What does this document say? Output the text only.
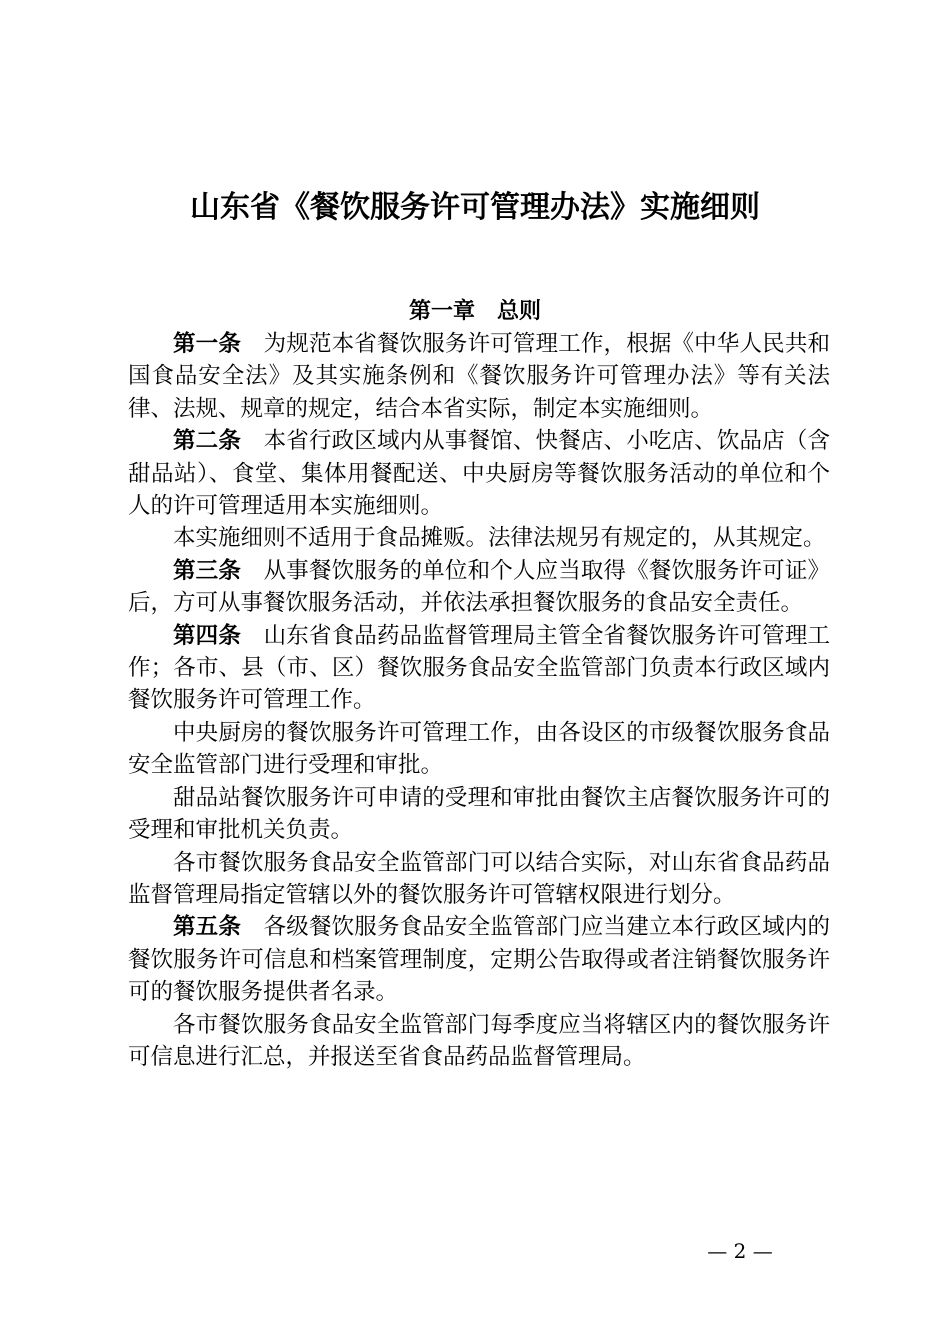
山东省《餐饮服务许可管理办法》实施细则
第一章　总则

第一条 为规范本省餐饮服务许可管理工作，根据《中华人民共和国食品安全法》及其实施条例和《餐饮服务许可管理办法》等有关法律、法规、规章的规定，结合本省实际，制定本实施细则。

第二条 本省行政区域内从事餐馆、快餐店、小吃店、饮品店（含甜品站）、食堂、集体用餐配送、中央厨房等餐饮服务活动的单位和个人的许可管理适用本实施细则。

本实施细则不适用于食品摊贩。法律法规另有规定的，从其规定。

第三条 从事餐饮服务的单位和个人应当取得《餐饮服务许可证》后，方可从事餐饮服务活动，并依法承担餐饮服务的食品安全责任。

第四条 山东省食品药品监督管理局主管全省餐饮服务许可管理工作；各市、县（市、区）餐饮服务食品安全监管部门负责本行政区域内餐饮服务许可管理工作。

中央厨房的餐饮服务许可管理工作，由各设区的市级餐饮服务食品安全监管部门进行受理和审批。

甜品站餐饮服务许可申请的受理和审批由餐饮主店餐饮服务许可的受理和审批机关负责。

各市餐饮服务食品安全监管部门可以结合实际，对山东省食品药品监督管理局指定管辖以外的餐饮服务许可管辖权限进行划分。

第五条 各级餐饮服务食品安全监管部门应当建立本行政区域内的餐饮服务许可信息和档案管理制度，定期公告取得或者注销餐饮服务许可的餐饮服务提供者名录。

各市餐饮服务食品安全监管部门每季度应当将辖区内的餐饮服务许可信息进行汇总，并报送至省食品药品监督管理局。

— 2 —
